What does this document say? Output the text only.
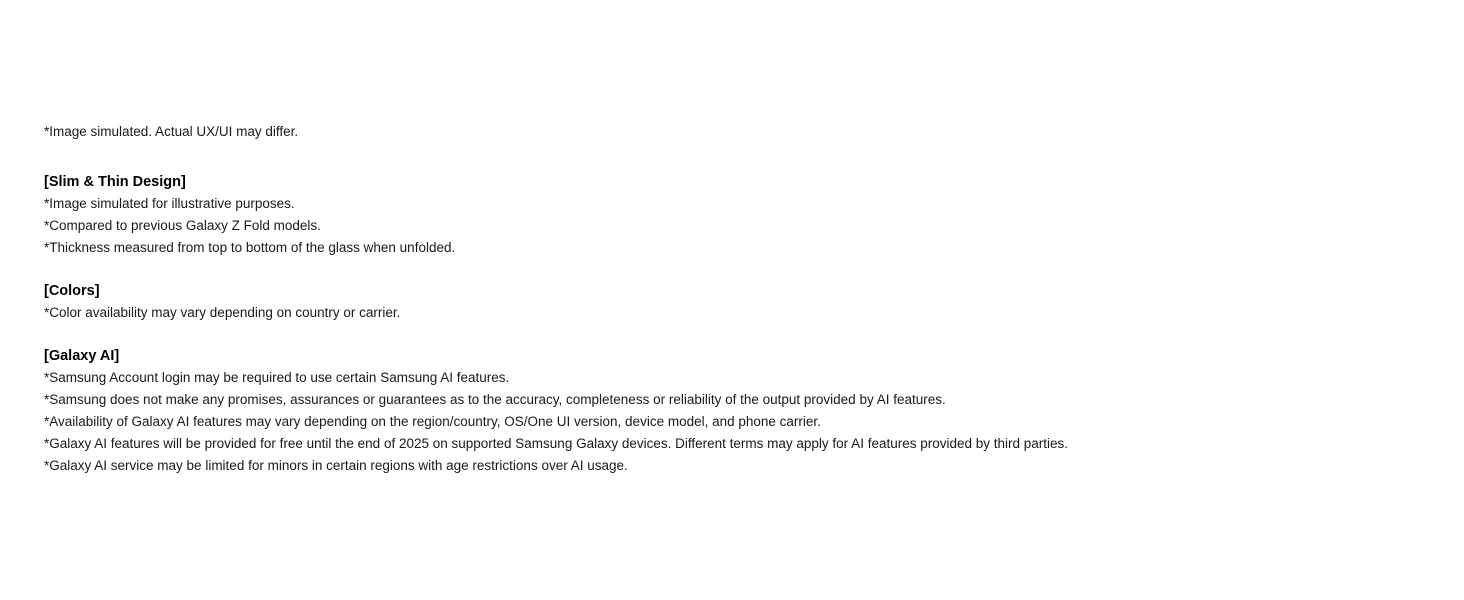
*Image simulated. Actual UX/UI may differ.

[Slim & Thin Design]

*Image simulated for illustrative purposes.

*Compared to previous Galaxy Z Fold models.

*Thickness measured from top to bottom of the glass when unfolded.

[Colors]

*Color availability may vary depending on country or carrier.

[Galaxy AI]

*Samsung Account login may be required to use certain Samsung AI features.

*Samsung does not make any promises, assurances or guarantees as to the accuracy, completeness or reliability of the output provided by AI features.

*Availability of Galaxy AI features may vary depending on the region/country, OS/One UI version, device model, and phone carrier.

*Galaxy AI features will be provided for free until the end of 2025 on supported Samsung Galaxy devices. Different terms may apply for AI features provided by third parties.

*Galaxy AI service may be limited for minors in certain regions with age restrictions over AI usage.
